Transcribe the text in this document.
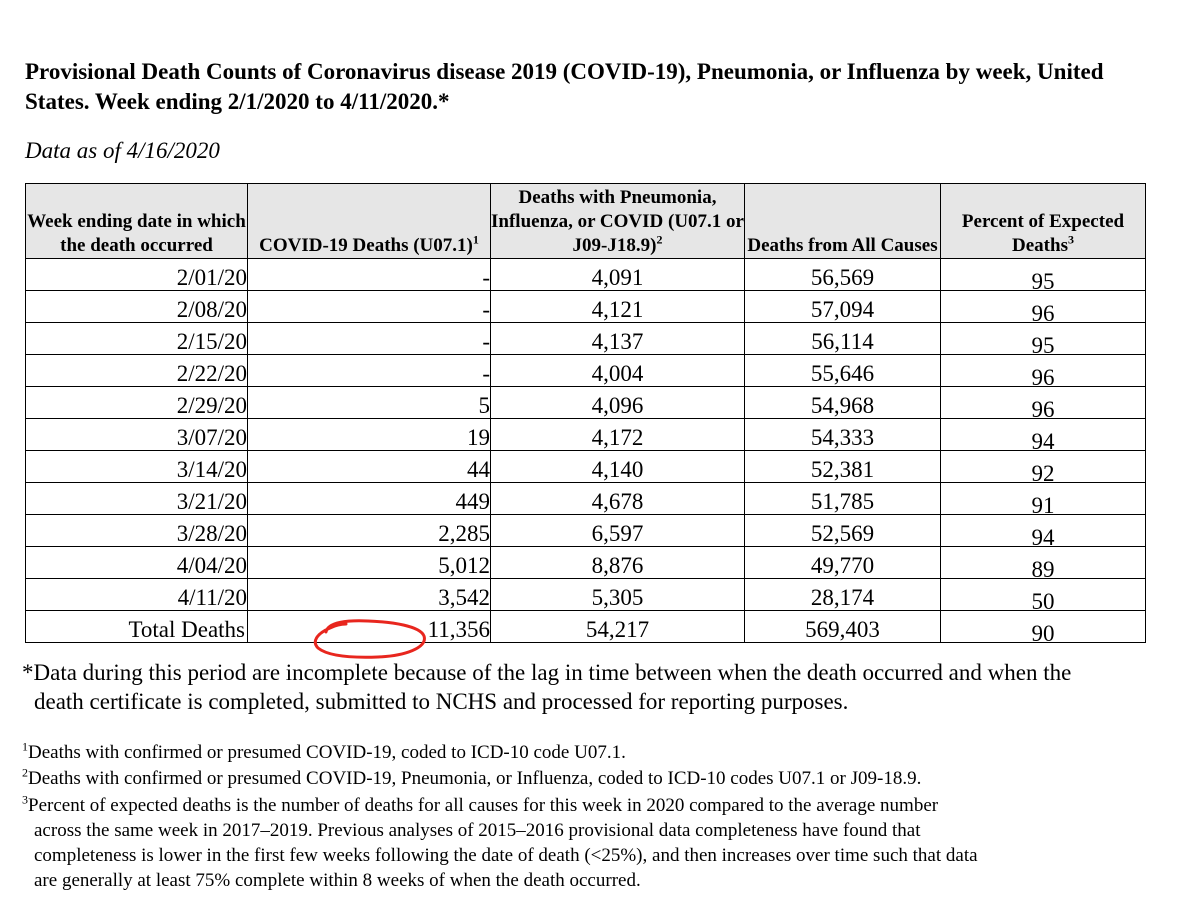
Provisional Death Counts of Coronavirus disease 2019 (COVID-19), Pneumonia, or Influenza by week, United States. Week ending 2/1/2020 to 4/11/2020.*
Data as of 4/16/2020
Week ending date in which the death occurred	COVID-19 Deaths $(U07.1)^1$	Deaths with Pneumonia, Influenza, or COVID (U07.1 or J09-J18.9)$^2$	Deaths from All Causes	Percent of Expected Deaths$^3$
2/01/20	-	4,091	56,569	95
2/08/20	-	4,121	57,094	96
2/15/20	-	4,137	56,114	95
2/22/20	-	4,004	55,646	96
2/29/20	5	4,096	54,968	96
3/07/20	19	4,172	54,333	94
3/14/20	44	4,140	52,381	92
3/21/20	449	4,678	51,785	91
3/28/20	2,285	6,597	52,569	94
4/04/20	5,012	8,876	49,770	89
4/11/20	3,542	5,305	28,174	50
Total Deaths	11,356	54,217	569,403	90
*Data during this period are incomplete because of the lag in time between when the death occurred and when the
death certificate is completed, submitted to NCHS and processed for reporting purposes.
$^1$Deaths with confirmed or presumed COVID-19, coded to ICD-10 code U07.1.
$^2$Deaths with confirmed or presumed COVID-19, Pneumonia, or Influenza, coded to ICD-10 codes U07.1 or J09-18.9.
$^3$Percent of expected deaths is the number of deaths for all causes for this week in 2020 compared to the average number
across the same week in 2017–2019. Previous analyses of 2015–2016 provisional data completeness have found that
completeness is lower in the first few weeks following the date of death (<25%), and then increases over time such that data
are generally at least 75% complete within 8 weeks of when the death occurred.
